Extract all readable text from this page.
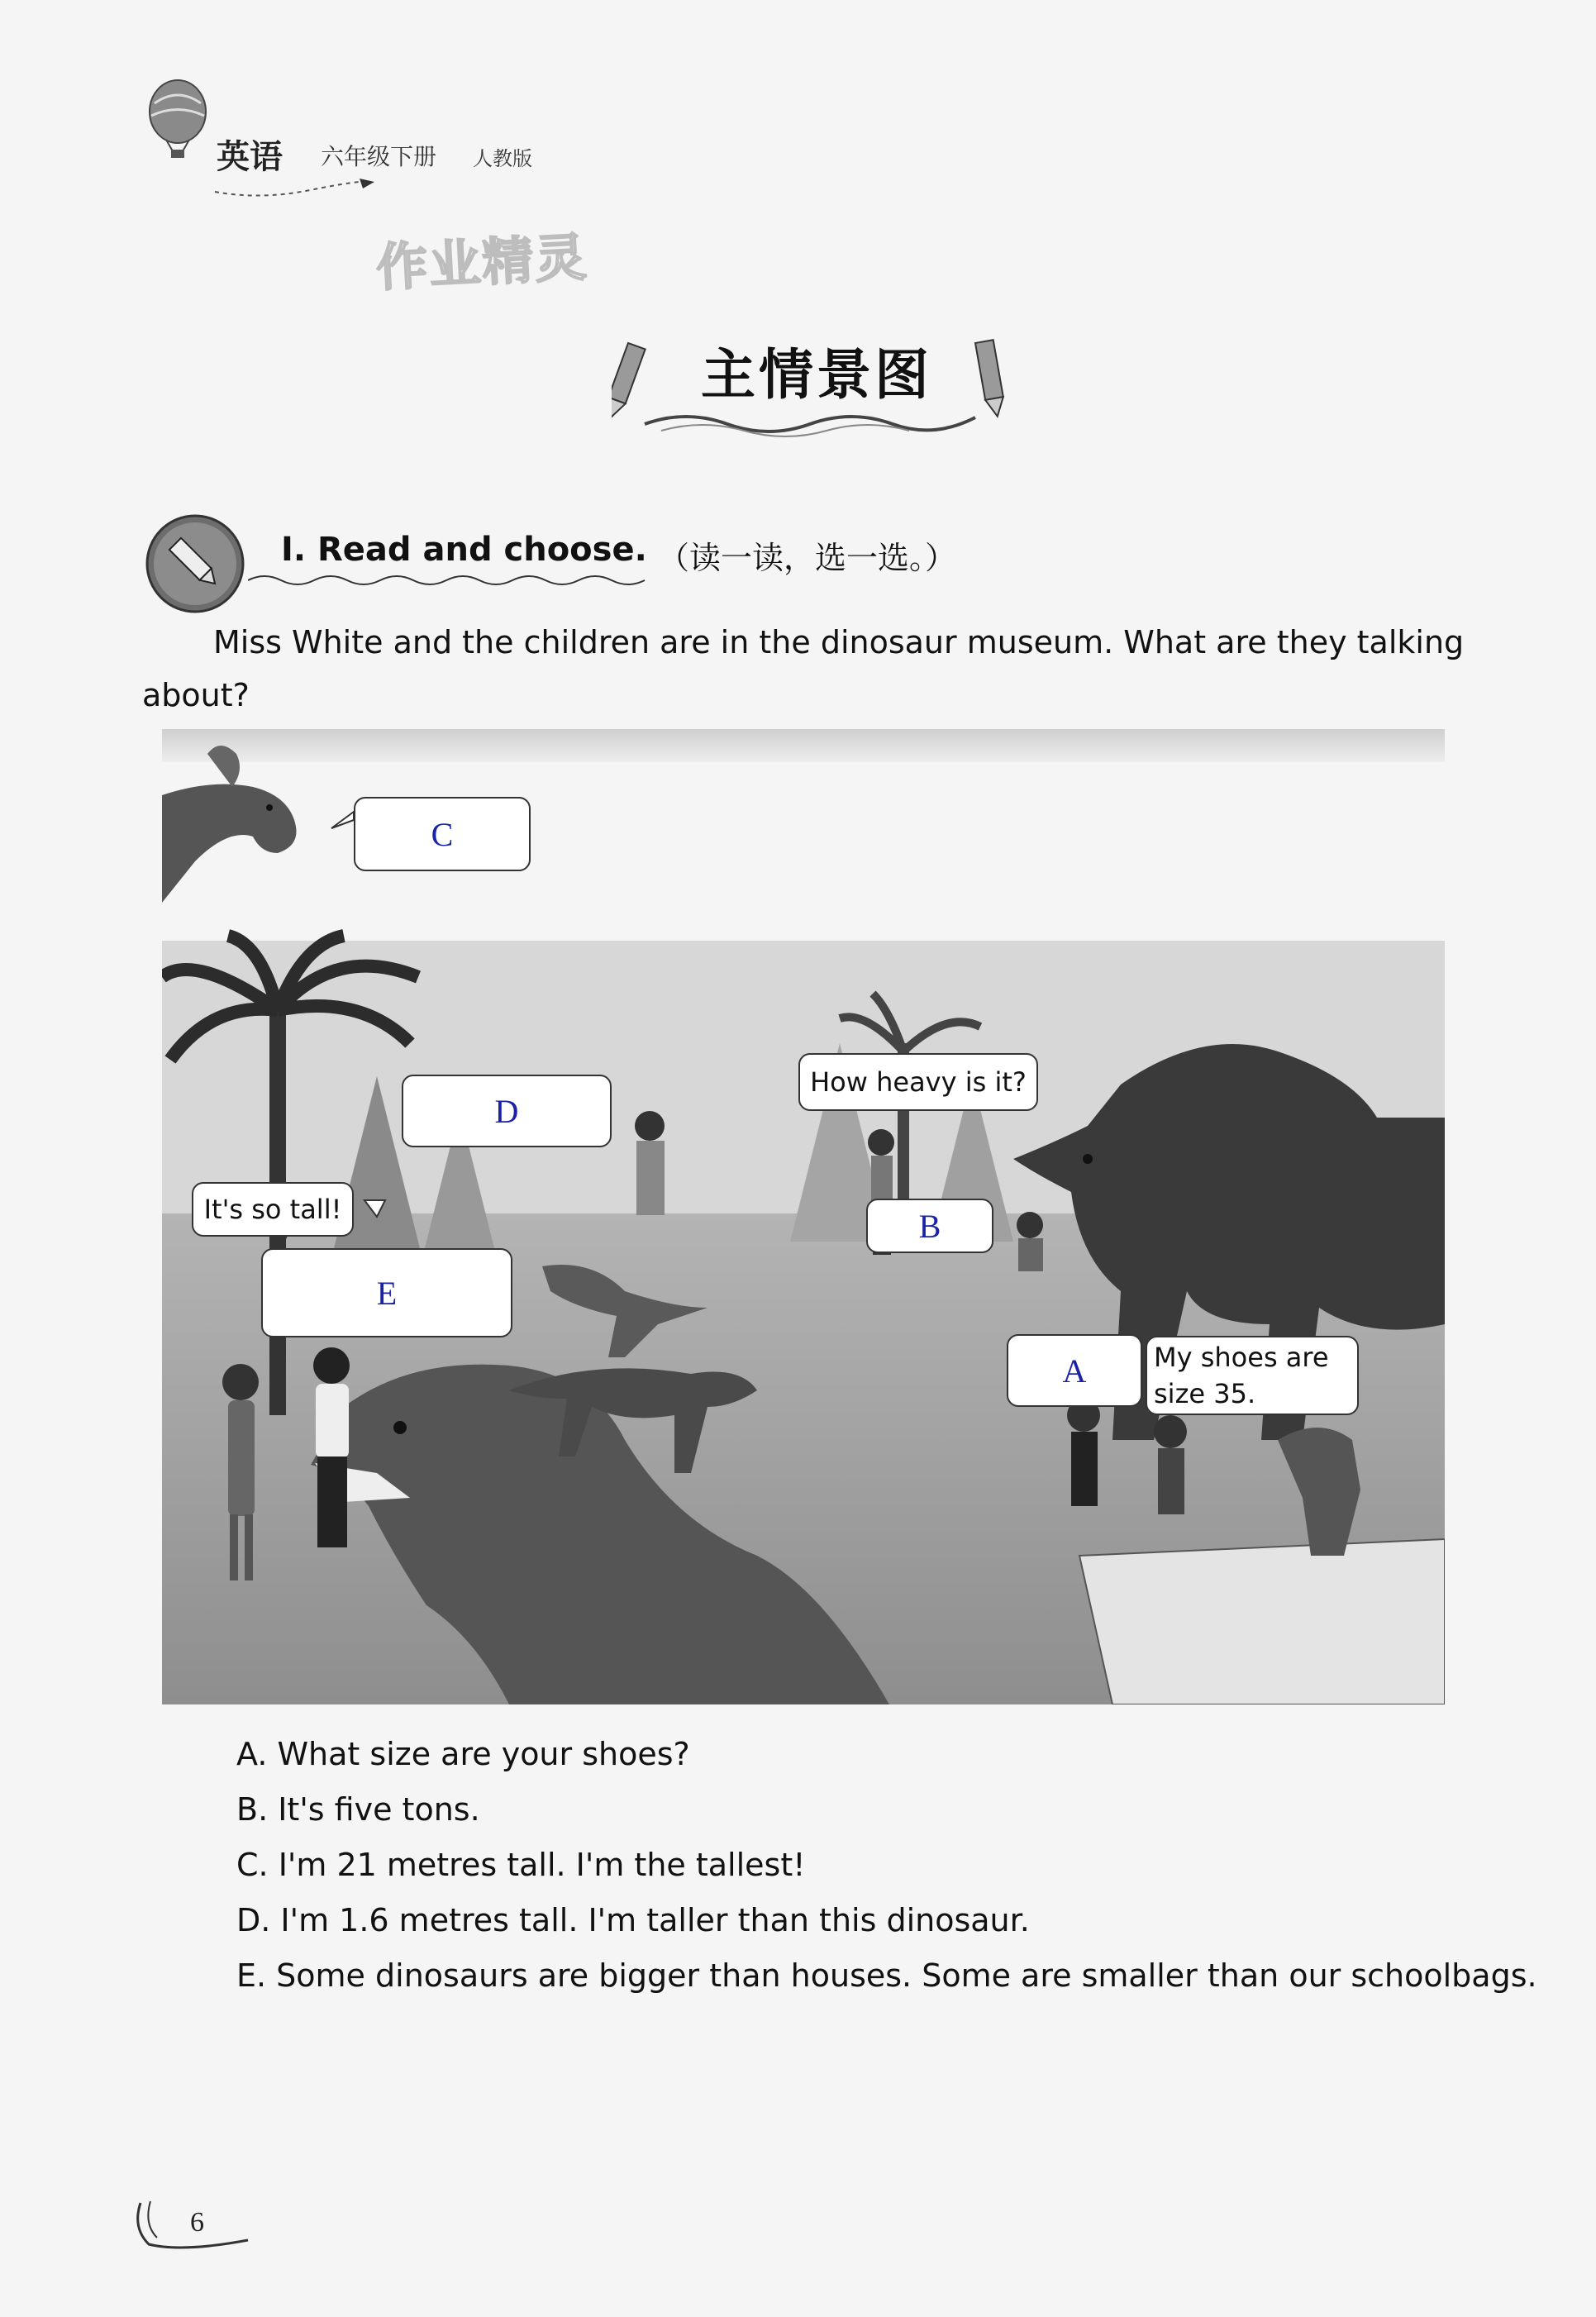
英语 六年级下册 人教版
作业精灵
主情景图
Ⅰ. Read and choose. （读一读，选一选。）
Miss White and the children are in the dinosaur museum. What are they talking about?
C
D
How heavy is it?
B
It's so tall!
E
A	My shoes are
size 35.
A. What size are your shoes?
B. It's five tons.
C. I'm 21 metres tall. I'm the tallest!
D. I'm 1.6 metres tall. I'm taller than this dinosaur.
E. Some dinosaurs are bigger than houses. Some are smaller than our schoolbags.
6
